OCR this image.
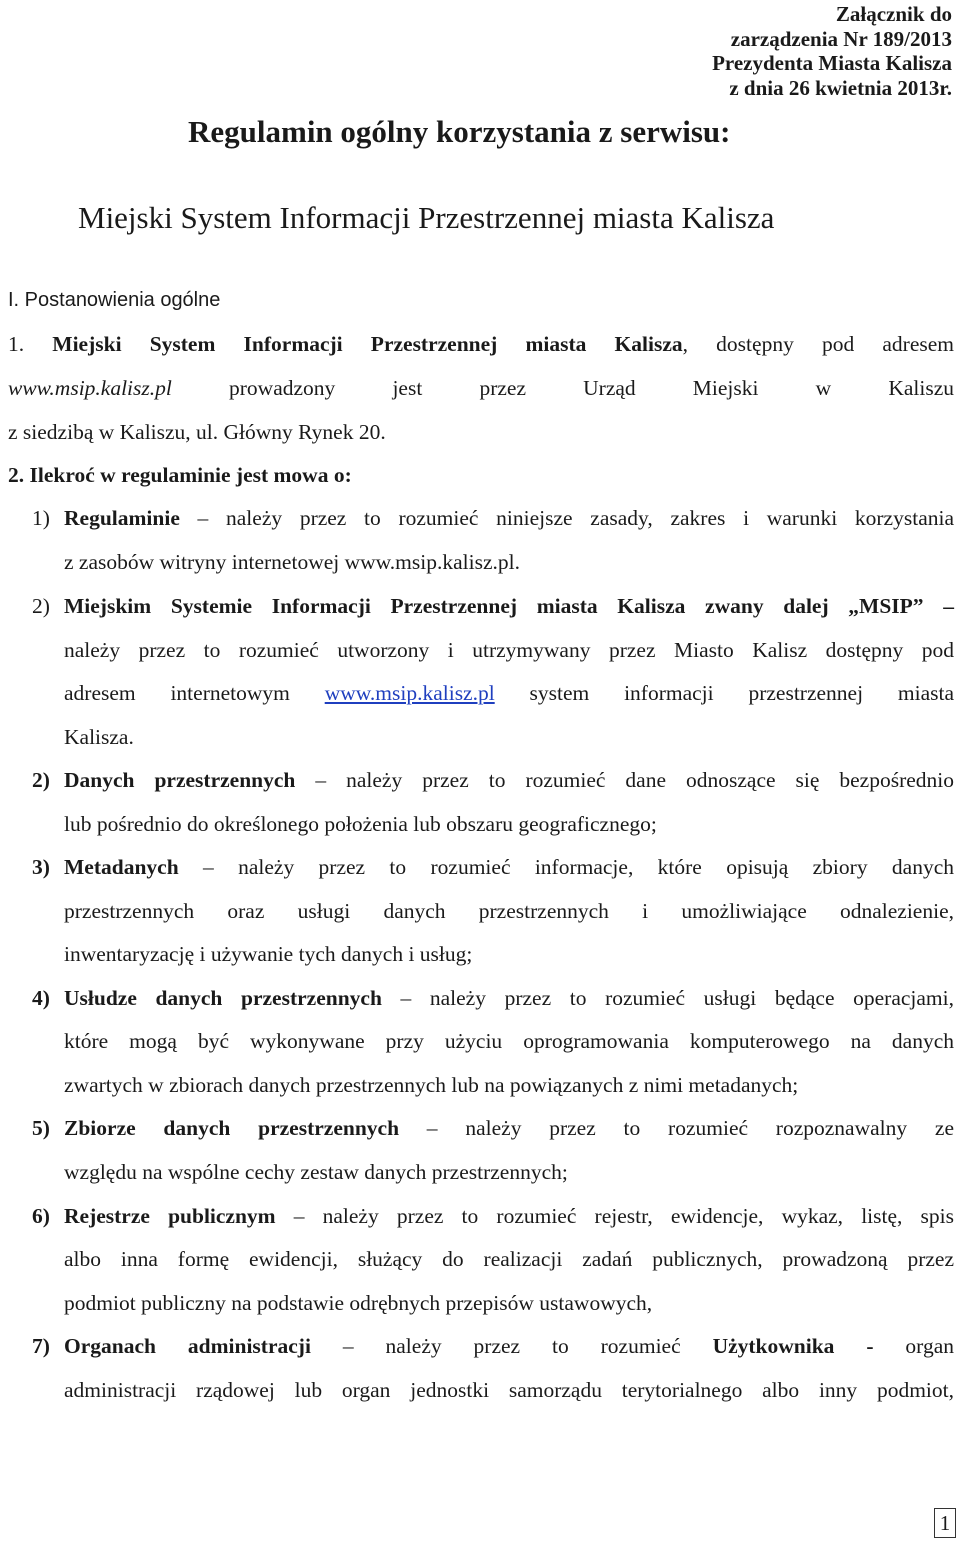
Załącznik do
zarządzenia Nr 189/2013
Prezydenta Miasta Kalisza
z dnia 26 kwietnia 2013r.
Regulamin ogólny korzystania z serwisu:
Miejski System Informacji Przestrzennej miasta Kalisza
I. Postanowienia ogólne
1. Miejski System Informacji Przestrzennej miasta Kalisza, dostępny pod adresem
www.msip.kalisz.pl prowadzony jest przez Urząd Miejski w Kaliszu
z siedzibą w Kaliszu, ul. Główny Rynek 20.
2. Ilekroć w regulaminie jest mowa o:
1) Regulaminie – należy przez to rozumieć niniejsze zasady, zakres i warunki korzystania
z zasobów witryny internetowej www.msip.kalisz.pl.
2) Miejskim Systemie Informacji Przestrzennej miasta Kalisza zwany dalej „MSIP” –
należy przez to rozumieć utworzony i utrzymywany przez Miasto Kalisz dostępny pod
adresem internetowym www.msip.kalisz.pl system informacji przestrzennej miasta
Kalisza.
2) Danych przestrzennych – należy przez to rozumieć dane odnoszące się bezpośrednio
lub pośrednio do określonego położenia lub obszaru geograficznego;
3) Metadanych – należy przez to rozumieć informacje, które opisują zbiory danych
przestrzennych oraz usługi danych przestrzennych i umożliwiające odnalezienie,
inwentaryzację i używanie tych danych i usług;
4) Usłudze danych przestrzennych – należy przez to rozumieć usługi będące operacjami,
które mogą być wykonywane przy użyciu oprogramowania komputerowego na danych
zwartych w zbiorach danych przestrzennych lub na powiązanych z nimi metadanych;
5) Zbiorze danych przestrzennych – należy przez to rozumieć rozpoznawalny ze
względu na wspólne cechy zestaw danych przestrzennych;
6) Rejestrze publicznym – należy przez to rozumieć rejestr, ewidencje, wykaz, listę, spis
albo inna formę ewidencji, służący do realizacji zadań publicznych, prowadzoną przez
podmiot publiczny na podstawie odrębnych przepisów ustawowych,
7) Organach administracji – należy przez to rozumieć Użytkownika - organ
administracji rządowej lub organ jednostki samorządu terytorialnego albo inny podmiot,
1
